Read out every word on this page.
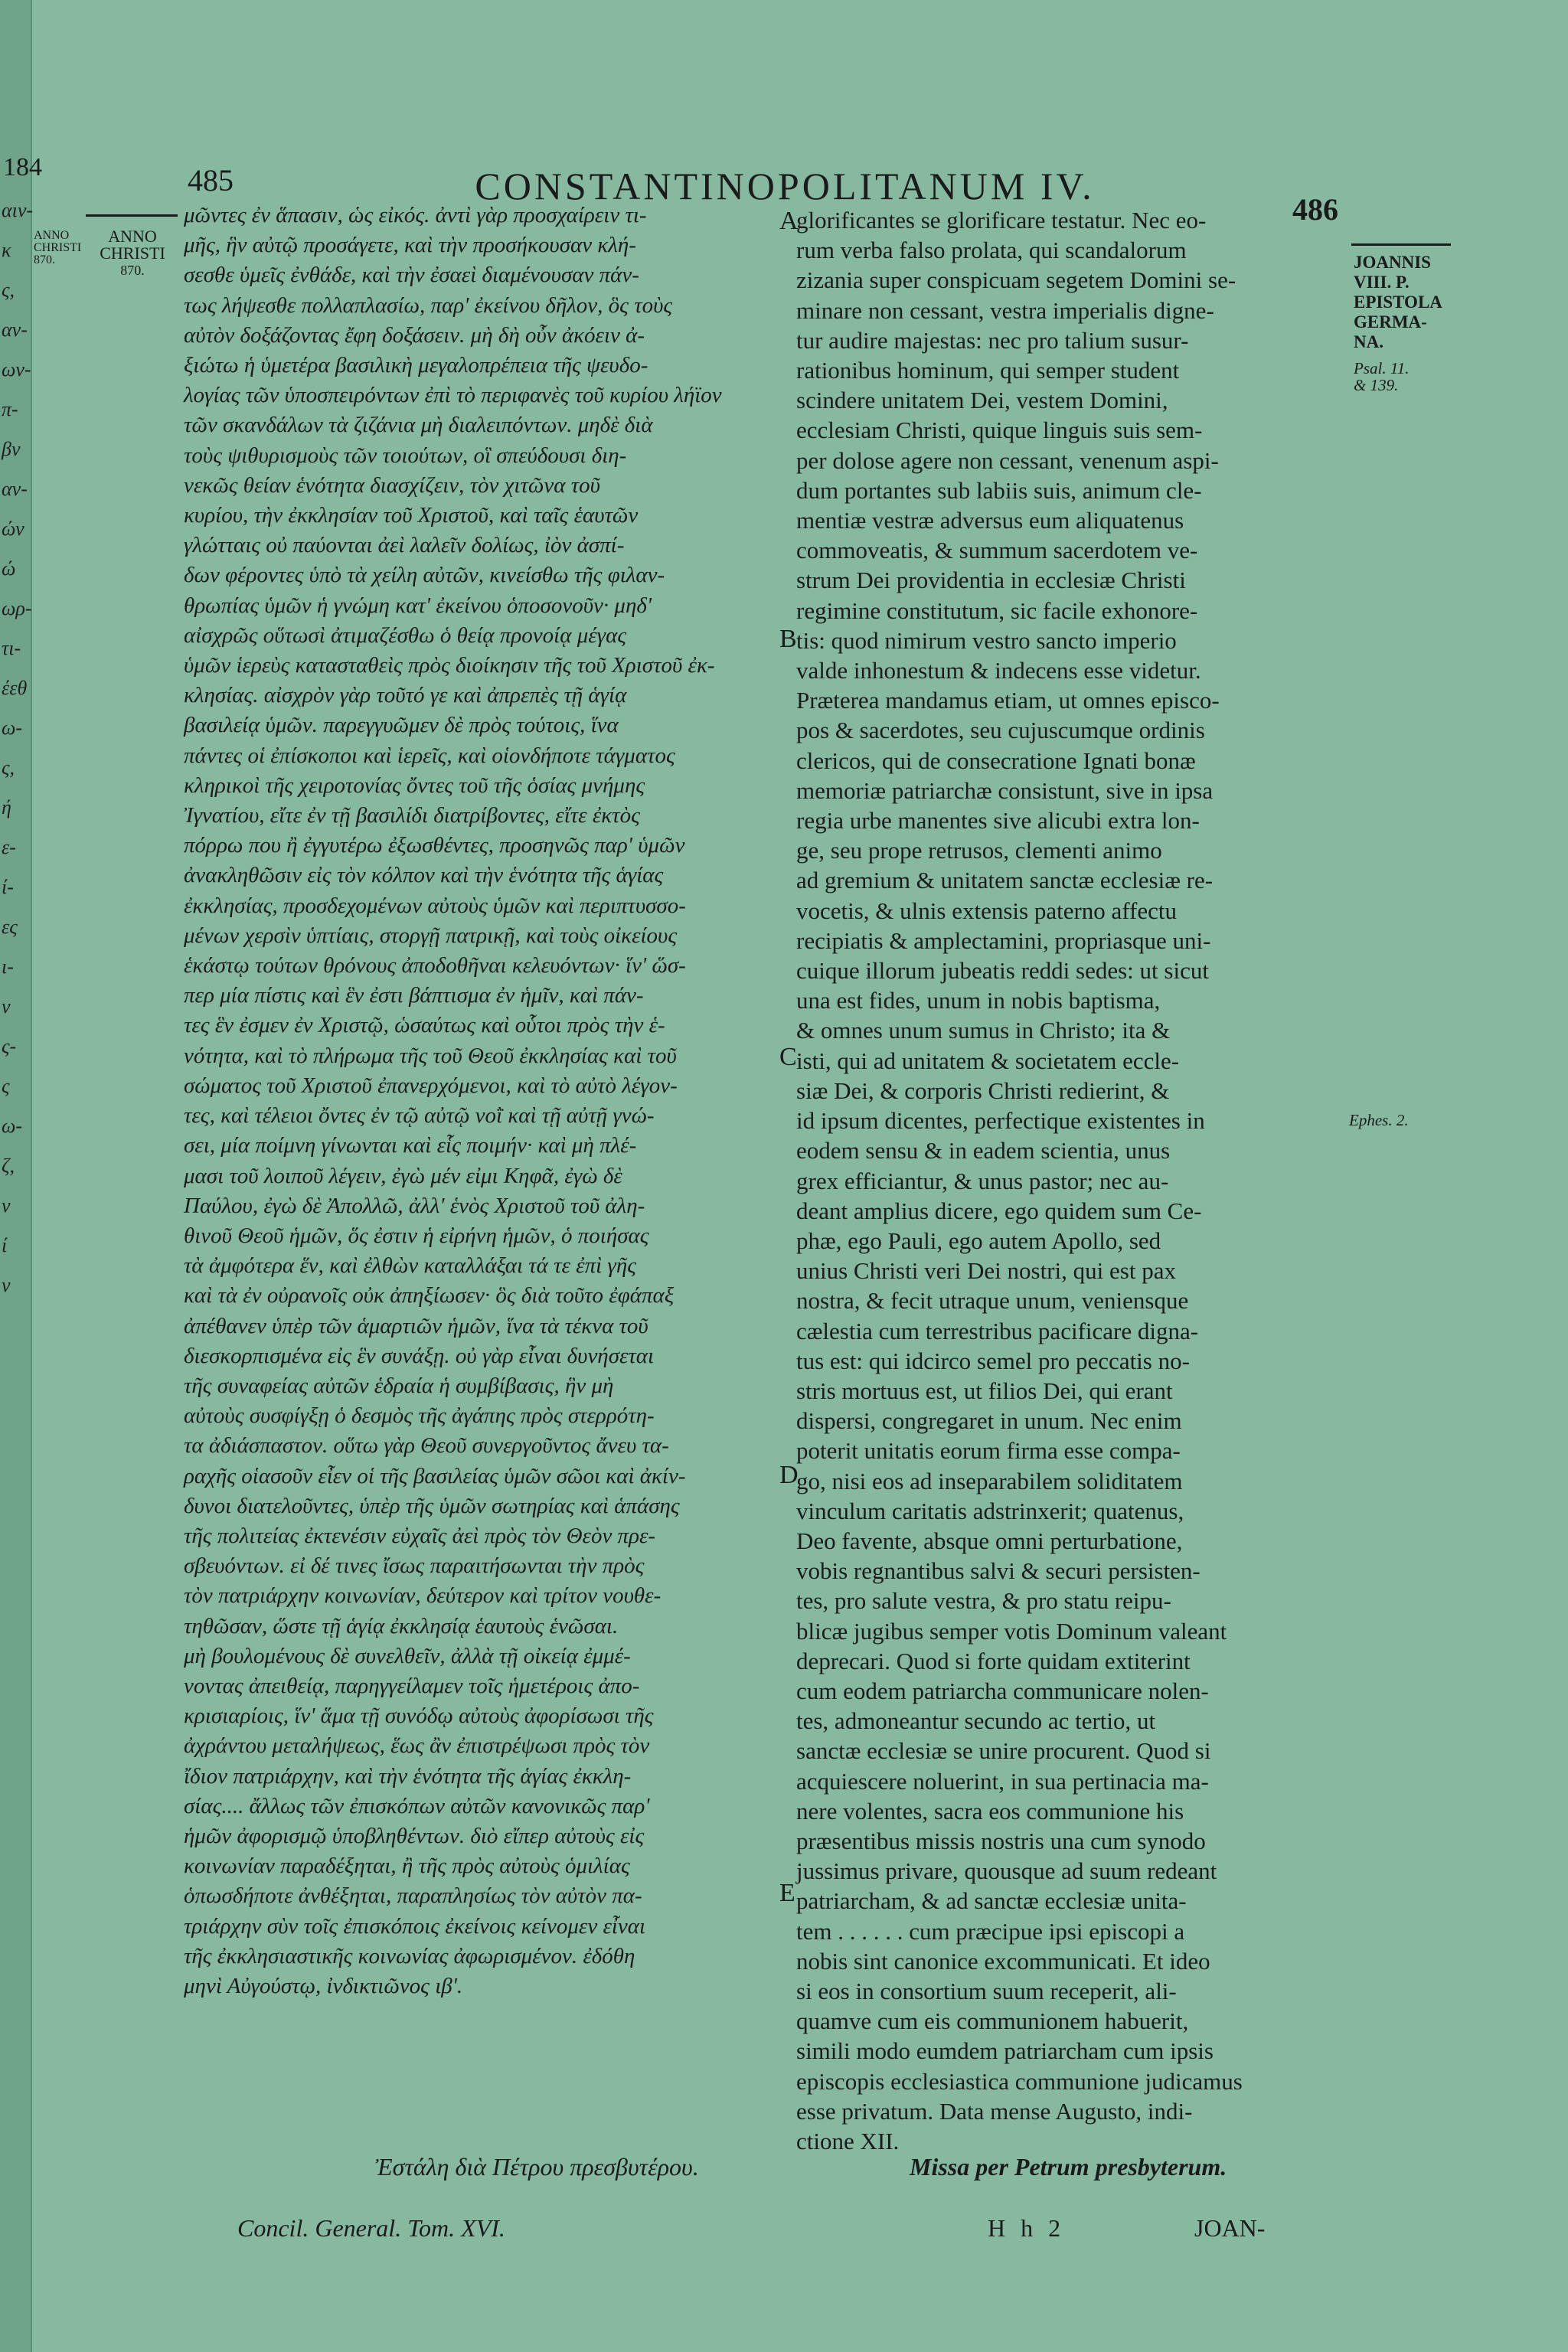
αιν-
κ
ς,
αν-
ων-
π-
βν
αν-
ών
ώ
ωρ-
τι-
έεθ
ω-
ς,
ή
ε-
ί-
ες
ι-
ν
ς-
ς
ω-
ζ,
ν
ί
ν
184
ANNO
CHRISTI
870.
485	CONSTANTINOPOLITANUM IV.
486
ANNO
CHRISTI
870.	JOANNIS
VIII. P.
EPISTOLA
GERMA-
NA.
Psal. 11.
& 139.
Ephes. 2.
A
B
C
D
E
μῶντες ἐν ἅπασιν, ὡς εἰκός. ἀντὶ γὰρ προσχαίρειν τι-
μῆς, ἣν αὐτῷ προσάγετε, καὶ τὴν προσήκουσαν κλή-
σεσθε ὑμεῖς ἐνθάδε, καὶ τὴν ἐσαεὶ διαμένουσαν πάν-
τως λήψεσθε πολλαπλασίω, παρ' ἐκείνου δῆλον, ὃς τοὺς
αὐτὸν δοξάζοντας ἔφη δοξάσειν. μὴ δὴ οὖν ἀκόειν ἀ-
ξιώτω ἡ ὑμετέρα βασιλικὴ μεγαλοπρέπεια τῆς ψευδο-
λογίας τῶν ὑποσπειρόντων ἐπὶ τὸ περιφανὲς τοῦ κυρίου λήϊον
τῶν σκανδάλων τὰ ζιζάνια μὴ διαλειπόντων. μηδὲ διὰ
τοὺς ψιθυρισμοὺς τῶν τοιούτων, οἳ σπεύδουσι διη-
νεκῶς θείαν ἑνότητα διασχίζειν, τὸν χιτῶνα τοῦ
κυρίου, τὴν ἐκκλησίαν τοῦ Χριστοῦ, καὶ ταῖς ἑαυτῶν
γλώτταις οὐ παύονται ἀεὶ λαλεῖν δολίως, ἰὸν ἀσπί-
δων φέροντες ὑπὸ τὰ χείλη αὐτῶν, κινείσθω τῆς φιλαν-
θρωπίας ὑμῶν ἡ γνώμη κατ' ἐκείνου ὁποσονοῦν· μηδ'
αἰσχρῶς οὕτωσὶ ἀτιμαζέσθω ὁ θείᾳ προνοίᾳ μέγας
ὑμῶν ἱερεὺς κατασταθεὶς πρὸς διοίκησιν τῆς τοῦ Χριστοῦ ἐκ-
κλησίας. αἰσχρὸν γὰρ τοῦτό γε καὶ ἀπρεπὲς τῇ ἁγίᾳ
βασιλείᾳ ὑμῶν. παρεγγυῶμεν δὲ πρὸς τούτοις, ἵνα
πάντες οἱ ἐπίσκοποι καὶ ἱερεῖς, καὶ οἱονδήποτε τάγματος
κληρικοὶ τῆς χειροτονίας ὄντες τοῦ τῆς ὁσίας μνήμης
Ἰγνατίου, εἴτε ἐν τῇ βασιλίδι διατρίβοντες, εἴτε ἐκτὸς
πόρρω που ἢ ἐγγυτέρω ἐξωσθέντες, προσηνῶς παρ' ὑμῶν
ἀνακληθῶσιν εἰς τὸν κόλπον καὶ τὴν ἑνότητα τῆς ἁγίας
ἐκκλησίας, προσδεχομένων αὐτοὺς ὑμῶν καὶ περιπτυσσο-
μένων χερσὶν ὑπτίαις, στοργῇ πατρικῇ, καὶ τοὺς οἰκείους
ἑκάστῳ τούτων θρόνους ἀποδοθῆναι κελευόντων· ἵν' ὥσ-
περ μία πίστις καὶ ἓν ἐστι βάπτισμα ἐν ἡμῖν, καὶ πάν-
τες ἓν ἐσμεν ἐν Χριστῷ, ὡσαύτως καὶ οὗτοι πρὸς τὴν ἑ-
νότητα, καὶ τὸ πλήρωμα τῆς τοῦ Θεοῦ ἐκκλησίας καὶ τοῦ
σώματος τοῦ Χριστοῦ ἐπανερχόμενοι, καὶ τὸ αὐτὸ λέγον-
τες, καὶ τέλειοι ὄντες ἐν τῷ αὐτῷ νοῒ καὶ τῇ αὐτῇ γνώ-
σει, μία ποίμνη γίνωνται καὶ εἷς ποιμήν· καὶ μὴ πλέ-
μασι τοῦ λοιποῦ λέγειν, ἐγὼ μέν εἰμι Κηφᾶ, ἐγὼ δὲ
Παύλου, ἐγὼ δὲ Ἀπολλῶ, ἀλλ' ἑνὸς Χριστοῦ τοῦ ἀλη-
θινοῦ Θεοῦ ἡμῶν, ὅς ἐστιν ἡ εἰρήνη ἡμῶν, ὁ ποιήσας
τὰ ἀμφότερα ἕν, καὶ ἐλθὼν καταλλάξαι τά τε ἐπὶ γῆς
καὶ τὰ ἐν οὐρανοῖς οὐκ ἀπηξίωσεν· ὃς διὰ τοῦτο ἐφάπαξ
ἀπέθανεν ὑπὲρ τῶν ἁμαρτιῶν ἡμῶν, ἵνα τὰ τέκνα τοῦ
διεσκορπισμένα εἰς ἓν συνάξῃ. οὐ γὰρ εἶναι δυνήσεται
τῆς συναφείας αὐτῶν ἑδραία ἡ συμβίβασις, ἣν μὴ
αὐτοὺς συσφίγξῃ ὁ δεσμὸς τῆς ἀγάπης πρὸς στερρότη-
τα ἀδιάσπαστον. οὕτω γὰρ Θεοῦ συνεργοῦντος ἄνευ τα-
ραχῆς οἱασοῦν εἶεν οἱ τῆς βασιλείας ὑμῶν σῶοι καὶ ἀκίν-
δυνοι διατελοῦντες, ὑπὲρ τῆς ὑμῶν σωτηρίας καὶ ἁπάσης
τῆς πολιτείας ἐκτενέσιν εὐχαῖς ἀεὶ πρὸς τὸν Θεὸν πρε-
σβευόντων. εἰ δέ τινες ἴσως παραιτήσωνται τὴν πρὸς
τὸν πατριάρχην κοινωνίαν, δεύτερον καὶ τρίτον νουθε-
τηθῶσαν, ὥστε τῇ ἁγίᾳ ἐκκλησίᾳ ἑαυτοὺς ἑνῶσαι.
μὴ βουλομένους δὲ συνελθεῖν, ἀλλὰ τῇ οἰκείᾳ ἐμμέ-
νοντας ἀπειθείᾳ, παρηγγείλαμεν τοῖς ἡμετέροις ἀπο-
κρισιαρίοις, ἵν' ἅμα τῇ συνόδῳ αὐτοὺς ἀφορίσωσι τῆς
ἀχράντου μεταλήψεως, ἕως ἂν ἐπιστρέψωσι πρὸς τὸν
ἴδιον πατριάρχην, καὶ τὴν ἑνότητα τῆς ἁγίας ἐκκλη-
σίας.... ἄλλως τῶν ἐπισκόπων αὐτῶν κανονικῶς παρ'
ἡμῶν ἀφορισμῷ ὑποβληθέντων. διὸ εἴπερ αὐτοὺς εἰς
κοινωνίαν παραδέξηται, ἢ τῆς πρὸς αὐτοὺς ὁμιλίας
ὁπωσδήποτε ἀνθέξηται, παραπλησίως τὸν αὐτὸν πα-
τριάρχην σὺν τοῖς ἐπισκόποις ἐκείνοις κείνομεν εἶναι
τῆς ἐκκλησιαστικῆς κοινωνίας ἀφωρισμένον. ἐδόθη
μηνὶ Αὐγούστῳ, ἰνδικτιῶνος ιβ'.
glorificantes se glorificare testatur. Nec eo-
rum verba falso prolata, qui scandalorum
zizania super conspicuam segetem Domini se-
minare non cessant, vestra imperialis digne-
tur audire majestas: nec pro talium susur-
rationibus hominum, qui semper student
scindere unitatem Dei, vestem Domini,
ecclesiam Christi, quique linguis suis sem-
per dolose agere non cessant, venenum aspi-
dum portantes sub labiis suis, animum cle-
mentiæ vestræ adversus eum aliquatenus
commoveatis, & summum sacerdotem ve-
strum Dei providentia in ecclesiæ Christi
regimine constitutum, sic facile exhonore-
tis: quod nimirum vestro sancto imperio
valde inhonestum & indecens esse videtur.
Præterea mandamus etiam, ut omnes episco-
pos & sacerdotes, seu cujuscumque ordinis
clericos, qui de consecratione Ignati bonæ
memoriæ patriarchæ consistunt, sive in ipsa
regia urbe manentes sive alicubi extra lon-
ge, seu prope retrusos, clementi animo
ad gremium & unitatem sanctæ ecclesiæ re-
vocetis, & ulnis extensis paterno affectu
recipiatis & amplectamini, propriasque uni-
cuique illorum jubeatis reddi sedes: ut sicut
una est fides, unum in nobis baptisma,
& omnes unum sumus in Christo; ita &
isti, qui ad unitatem & societatem eccle-
siæ Dei, & corporis Christi redierint, &
id ipsum dicentes, perfectique existentes in
eodem sensu & in eadem scientia, unus
grex efficiantur, & unus pastor; nec au-
deant amplius dicere, ego quidem sum Ce-
phæ, ego Pauli, ego autem Apollo, sed
unius Christi veri Dei nostri, qui est pax
nostra, & fecit utraque unum, veniensque
cælestia cum terrestribus pacificare digna-
tus est: qui idcirco semel pro peccatis no-
stris mortuus est, ut filios Dei, qui erant
dispersi, congregaret in unum. Nec enim
poterit unitatis eorum firma esse compa-
go, nisi eos ad inseparabilem soliditatem
vinculum caritatis adstrinxerit; quatenus,
Deo favente, absque omni perturbatione,
vobis regnantibus salvi & securi persisten-
tes, pro salute vestra, & pro statu reipu-
blicæ jugibus semper votis Dominum valeant
deprecari. Quod si forte quidam extiterint
cum eodem patriarcha communicare nolen-
tes, admoneantur secundo ac tertio, ut
sanctæ ecclesiæ se unire procurent. Quod si
acquiescere noluerint, in sua pertinacia ma-
nere volentes, sacra eos communione his
præsentibus missis nostris una cum synodo
jussimus privare, quousque ad suum redeant
patriarcham, & ad sanctæ ecclesiæ unita-
tem . . . . . . cum præcipue ipsi episcopi a
nobis sint canonice excommunicati. Et ideo
si eos in consortium suum receperit, ali-
quamve cum eis communionem habuerit,
simili modo eumdem patriarcham cum ipsis
episcopis ecclesiastica communione judicamus
esse privatum. Data mense Augusto, indi-
ctione XII.
Ἐστάλη διὰ Πέτρου πρεσβυτέρου.	Missa per Petrum presbyterum.
Concil. General. Tom. XVI.	H h 2	JOAN-
